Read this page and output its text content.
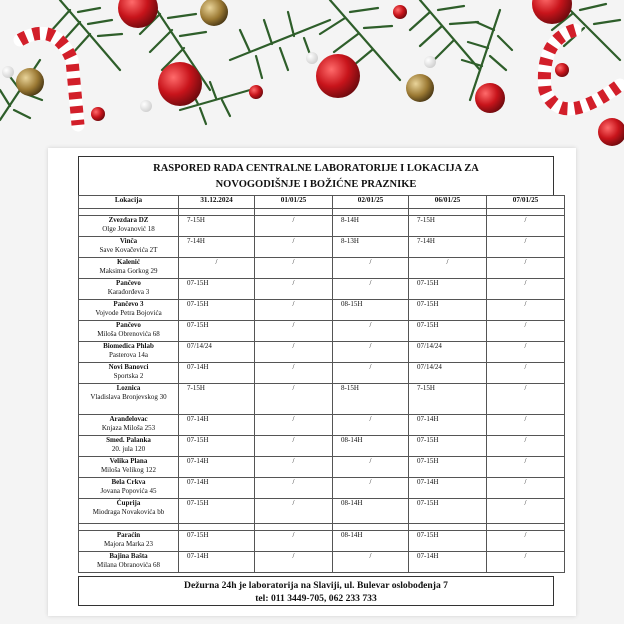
RASPORED RADA CENTRALNE LABORATORIJE I LOKACIJA ZA
NOVOGODIŠNJE I BOŽIĆNE PRAZNIKE
Lokacija	31.12.2024	01/01/25	02/01/25	06/01/25	07/01/25

Zvezdara DZ
Olge Jovanović 18	7-15H	/	8-14H	7-15H	/

Vinča
Save Kovačevića 2T	7-14H	/	8-13H	7-14H	/

Kalenić
Maksima Gorkog 29	/	/	/	/	/

Pančevo
Karađorđeva 3	07-15H	/	/	07-15H	/

Pančevo 3
Vojvode Petra Bojovića	07-15H	/	08-15H	07-15H	/

Pančevo
Miloša Obrenovića 68	07-15H	/	/	07-15H	/

Biomedica Phlab
Pasterova 14a	07/14/24	/	/	07/14/24	/

Novi Banovci
Sportska 2	07-14H	/	/	07/14/24	/

Loznica
Vladislava Bronjevskog 30	7-15H	/	8-15H	7-15H	/

Aranđelovac
Knjaza Miloša 253	07-14H	/	/	07-14H	/

Smed. Palanka
20. jula 120	07-15H	/	08-14H	07-15H	/

Velika Plana
Miloša Velikog 122	07-14H	/	/	07-15H	/

Bela Crkva
Jovana Popovića 45	07-14H	/	/	07-14H	/

Ćuprija
Miodraga Novakovića bb	07-15H	/	08-14H	07-15H	/

Paraćin
Majora Marka 23	07-15H	/	08-14H	07-15H	/

Bajina Bašta
Milana Obranovića 68	07-14H	/	/	07-14H	/
Dežurna 24h je laboratorija na Slaviji, ul. Bulevar oslobođenja 7
tel: 011 3449-705, 062 233 733
